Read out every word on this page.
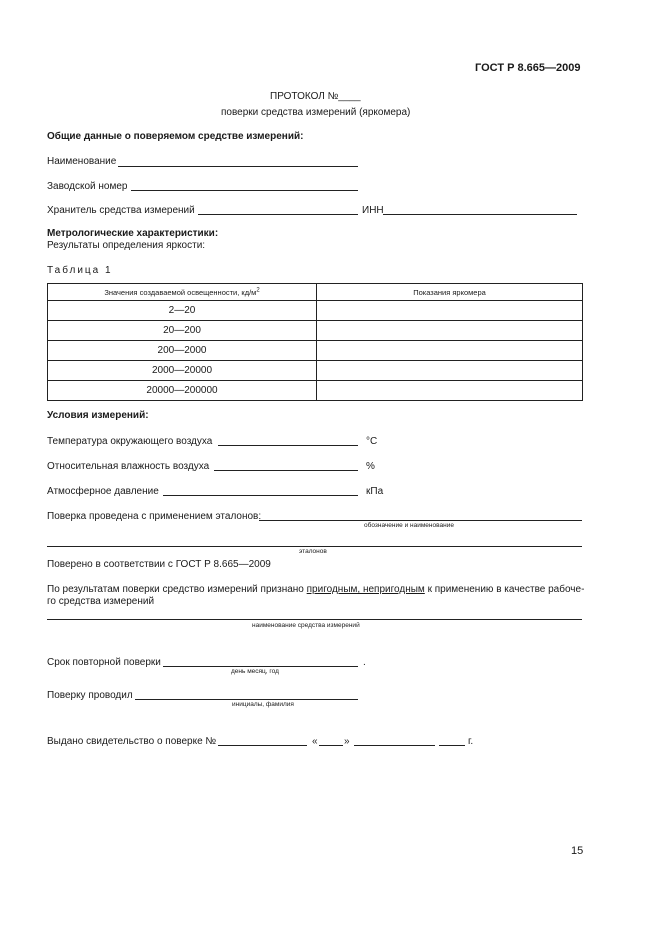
ГОСТ Р 8.665—2009
ПРОТОКОЛ №____
поверки средства измерений (яркомера)
Общие данные о поверяемом средстве измерений:
Наименование
Заводской номер
Хранитель средства измерений	ИНН
Метрологические характеристики:
Результаты определения яркости:
Таблица 1
Значения создаваемой освещенности, $кд/м^2$	Показания яркомера
2—20	
20—200	
200—2000	
2000—20000	
20000—200000	
Условия измерений:
Температура окружающего воздуха	°С
Относительная влажность воздуха	%
Атмосферное давление	кПа
Поверка проведена с применением эталонов:
обозначение и наименование
эталонов
Поверено в соответствии с ГОСТ Р 8.665—2009
По результатам поверки средство измерений признано пригодным, непригодным к применению в качестве рабоче-
го средства измерений
наименование средства измерений
Срок повторной поверки	.
день месяц, год
Поверку проводил
инициалы, фамилия
Выдано свидетельство о поверке №	«	»	г.
15
